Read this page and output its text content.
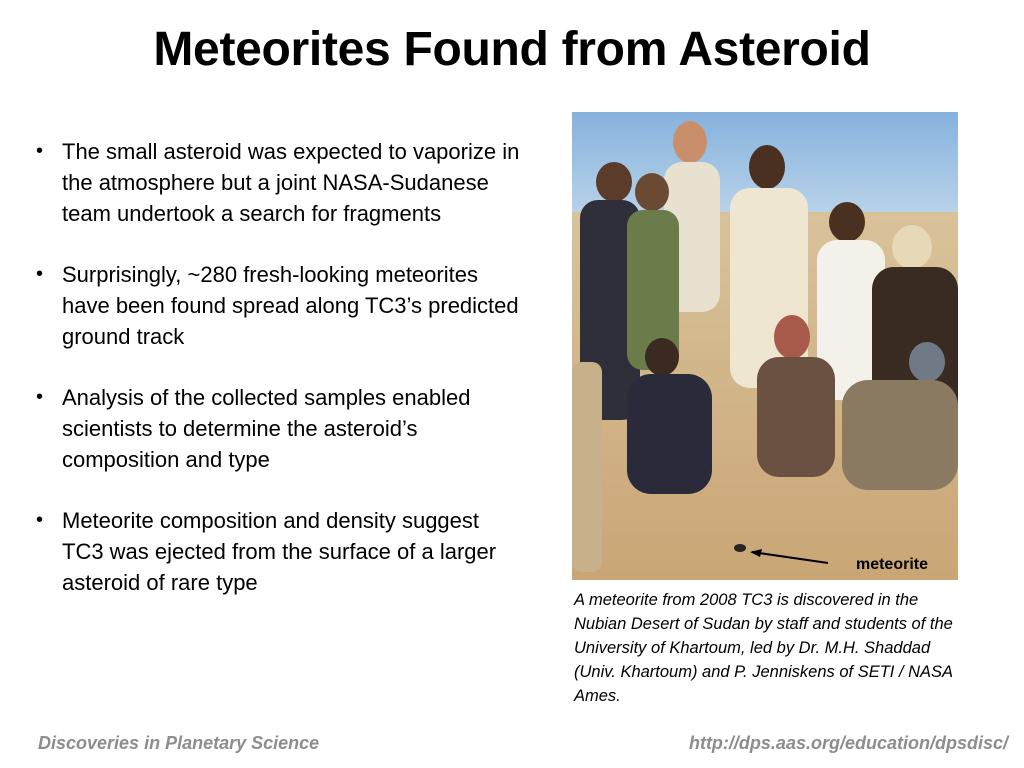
Meteorites Found from Asteroid
• The small asteroid was expected to vaporize in the atmosphere but a joint NASA-Sudanese team undertook a search for fragments
• Surprisingly, ~280 fresh-looking meteorites have been found spread along TC3’s predicted ground track
• Analysis of the collected samples enabled scientists to determine the asteroid’s composition and type
• Meteorite composition and density suggest TC3 was ejected from the surface of a larger asteroid of rare type
meteorite
A meteorite from 2008 TC3 is discovered in the Nubian Desert of Sudan by staff and students of the University of Khartoum, led by Dr. M.H. Shaddad (Univ. Khartoum) and P. Jenniskens of SETI / NASA Ames.
Discoveries in Planetary Science	http://dps.aas.org/education/dpsdisc/
